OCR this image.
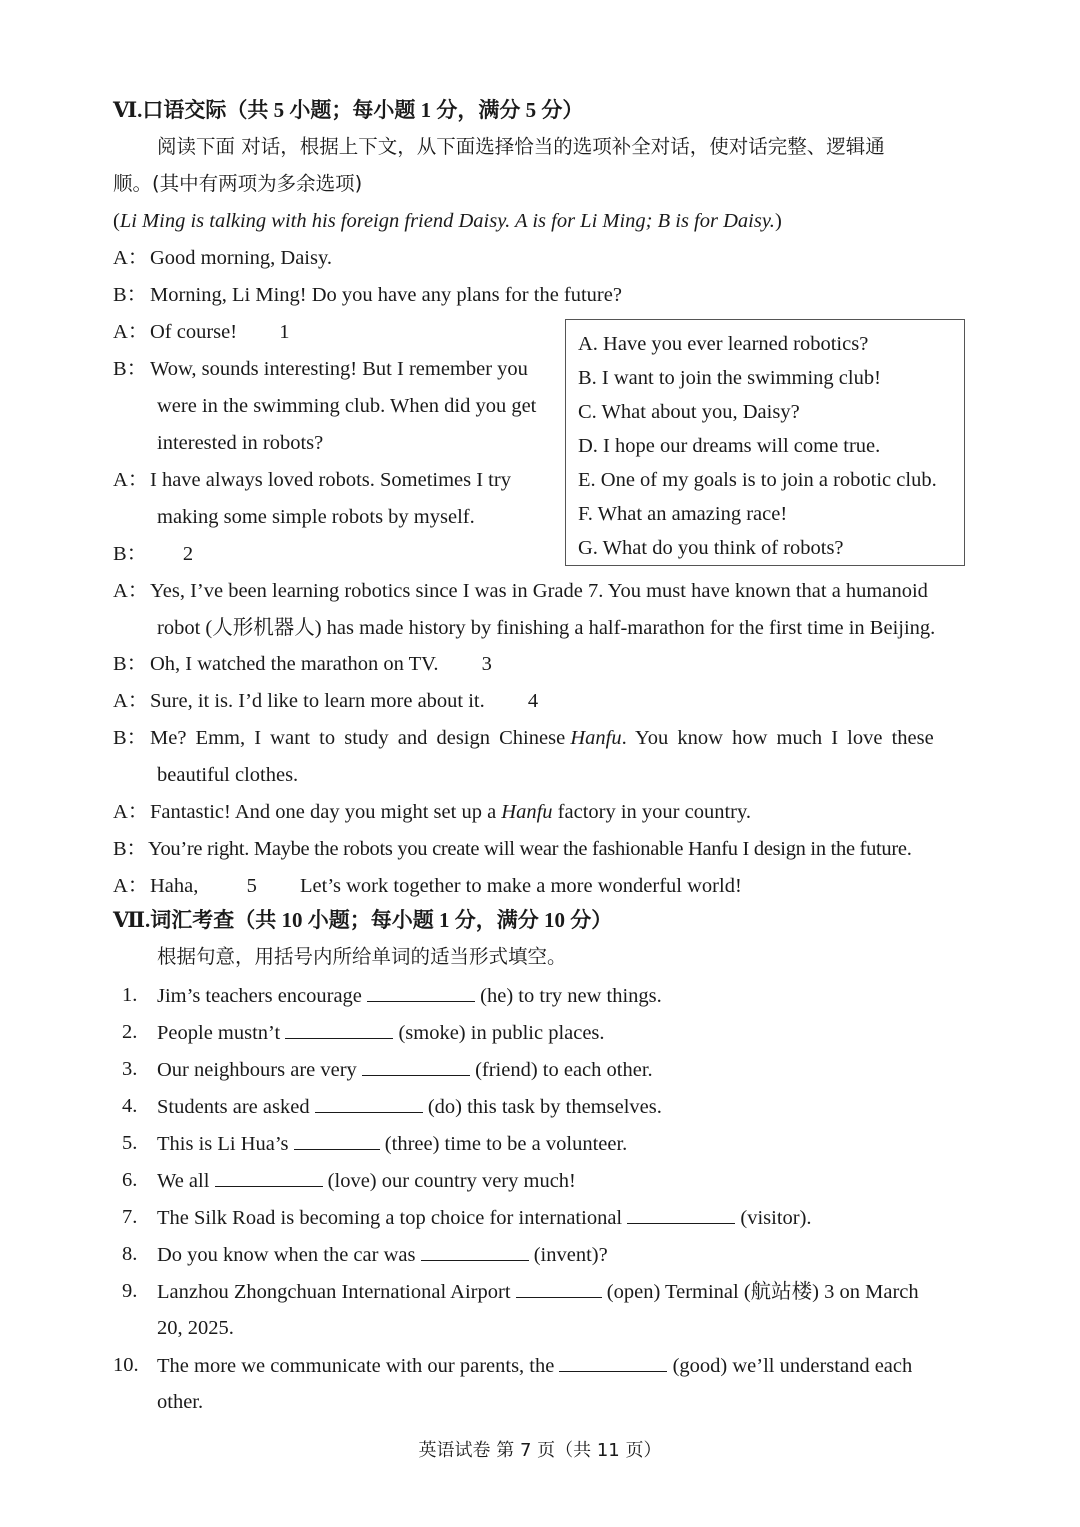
Ⅵ.口语交际（共 5 小题；每小题 1 分，满分 5 分）
阅读下面 对话，根据上下文，从下面选择恰当的选项补全对话，使对话完整、逻辑通
顺。(其中有两项为多余选项)
(Li Ming is talking with his foreign friend Daisy. A is for Li Ming; B is for Daisy.)
A：Good morning, Daisy.
B： Morning, Li Ming! Do you have any plans for the future?
A：Of course! 1
B： Wow, sounds interesting! But I remember you
were in the swimming club. When did you get
interested in robots?
A：I have always loved robots. Sometimes I try
making some simple robots by myself.
B： 2
A：Yes, I’ve been learning robotics since I was in Grade 7. You must have known that a humanoid
robot (人形机器人) has made history by finishing a half-marathon for the first time in Beijing.
B： Oh, I watched the marathon on TV. 3
A：Sure, it is. I’d like to learn more about it. 4
B： Me? Emm, I want to study and design Chinese Hanfu. You know how much I love these
beautiful clothes.
A：Fantastic! And one day you might set up a Hanfu factory in your country.
B：You’re right. Maybe the robots you create will wear the fashionable Hanfu I design in the future.
A：Haha, 5 Let’s work together to make a more wonderful world!
A. Have you ever learned robotics?
B. I want to join the swimming club!
C. What about you, Daisy?
D. I hope our dreams will come true.
E. One of my goals is to join a robotic club.
F. What an amazing race!
G. What do you think of robots?
Ⅶ.词汇考查（共 10 小题；每小题 1 分，满分 10 分）
根据句意，用括号内所给单词的适当形式填空。
1. Jim’s teachers encourage	(he) to try new things.
2. People mustn’t	(smoke) in public places.
3. Our neighbours are very	(friend) to each other.
4. Students are asked	(do) this task by themselves.
5. This is Li Hua’s	(three) time to be a volunteer.
6. We all	(love) our country very much!
7. The Silk Road is becoming a top choice for international	(visitor).
8. Do you know when the car was	(invent)?
9. Lanzhou Zhongchuan International Airport	(open) Terminal (航站楼) 3 on March
20, 2025.
10. The more we communicate with our parents, the	(good) we’ll understand each
other.
英语试卷 第 7 页（共 11 页）
